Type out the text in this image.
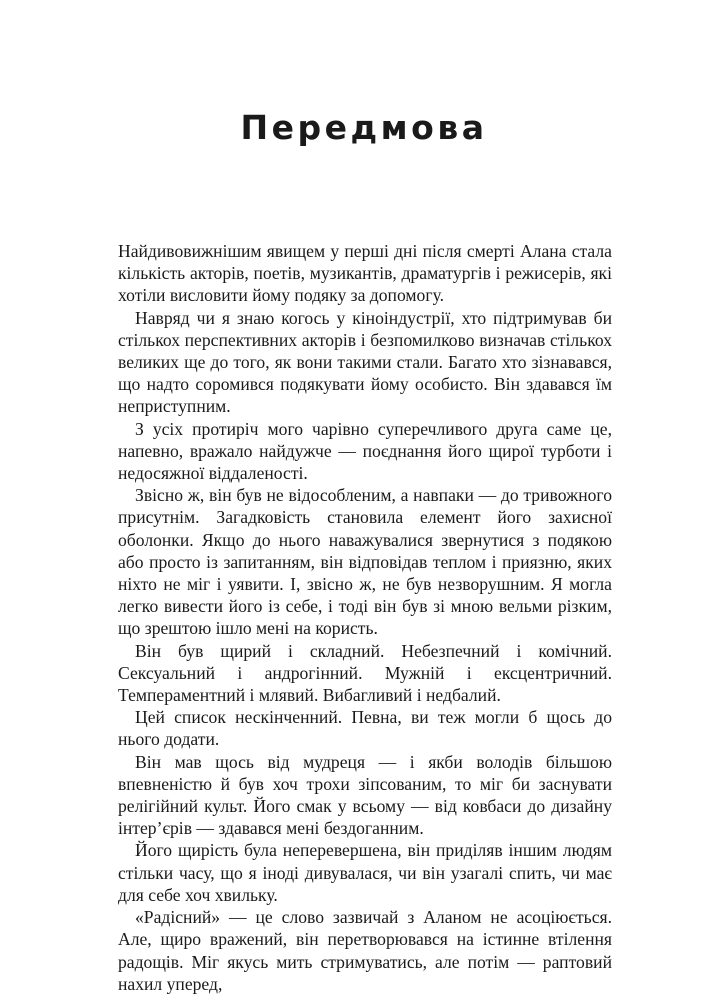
Передмова

Найдивовижнішим явищем у перші дні після смерті Алана стала кількість акторів, поетів, музикантів, драматургів і режисерів, які хотіли висловити йому подяку за допомогу.

Навряд чи я знаю когось у кіноіндустрії, хто підтримував би стількох перспективних акторів і безпомилково визначав стількох великих ще до того, як вони такими стали. Багато хто зізнавався, що надто соромився подякувати йому особисто. Він здавався їм неприступним.

З усіх протиріч мого чарівно суперечливого друга саме це, напевно, вражало найдужче — поєднання його щирої турботи і недосяжної віддаленості.

Звісно ж, він був не відособленим, а навпаки — до тривожного присутнім. Загадковість становила елемент його захисної оболонки. Якщо до нього наважувалися звернутися з подякою або просто із запитанням, він відповідав теплом і приязню, яких ніхто не міг і уявити. І, звісно ж, не був незворушним. Я могла легко вивести його із себе, і тоді він був зі мною вельми різким, що зрештою ішло мені на користь.

Він був щирий і складний. Небезпечний і комічний. Сексуальний і андрогінний. Мужній і ексцентричний. Темпераментний і млявий. Вибагливий і недбалий.

Цей список нескінченний. Певна, ви теж могли б щось до нього додати.

Він мав щось від мудреця — і якби володів більшою впевненістю й був хоч трохи зіпсованим, то міг би заснувати релігійний культ. Його смак у всьому — від ковбаси до дизайну інтер’єрів — здавався мені бездоганним.

Його щирість була неперевершена, він приділяв іншим людям стільки часу, що я іноді дивувалася, чи він узагалі спить, чи має для себе хоч хвильку.

«Радісний» — це слово зазвичай з Аланом не асоціюється. Але, щиро вражений, він перетворювався на істинне втілення радощів. Міг якусь мить стримуватись, але потім — раптовий нахил уперед,
